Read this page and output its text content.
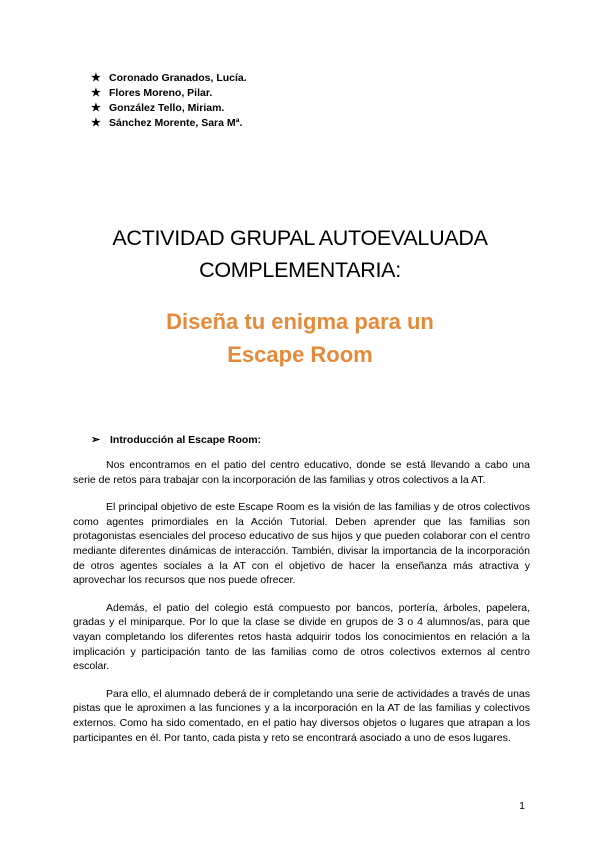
★ Coronado Granados, Lucía.
★ Flores Moreno, Pilar.
★ González Tello, Miriam.
★ Sánchez Morente, Sara Mª.
ACTIVIDAD GRUPAL AUTOEVALUADA
COMPLEMENTARIA:
Diseña tu enigma para un
Escape Room
➢ Introducción al Escape Room:

Nos encontramos en el patio del centro educativo, donde se está llevando a cabo una serie de retos para trabajar con la incorporación de las familias y otros colectivos a la AT.

El principal objetivo de este Escape Room es la visión de las familias y de otros colectivos como agentes primordiales en la Acción Tutorial. Deben aprender que las familias son protagonistas esenciales del proceso educativo de sus hijos y que pueden colaborar con el centro mediante diferentes dinámicas de interacción. También, divisar la importancia de la incorporación de otros agentes sociales a la AT con el objetivo de hacer la enseñanza más atractiva y aprovechar los recursos que nos puede ofrecer.

Además, el patio del colegio está compuesto por bancos, portería, árboles, papelera, gradas y el miniparque. Por lo que la clase se divide en grupos de 3 o 4 alumnos/as, para que vayan completando los diferentes retos hasta adquirir todos los conocimientos en relación a la implicación y participación tanto de las familias como de otros colectivos externos al centro escolar.

Para ello, el alumnado deberá de ir completando una serie de actividades a través de unas pistas que le aproximen a las funciones y a la incorporación en la AT de las familias y colectivos externos. Como ha sido comentado, en el patio hay diversos objetos o lugares que atrapan a los participantes en él. Por tanto, cada pista y reto se encontrará asociado a uno de esos lugares.

1
